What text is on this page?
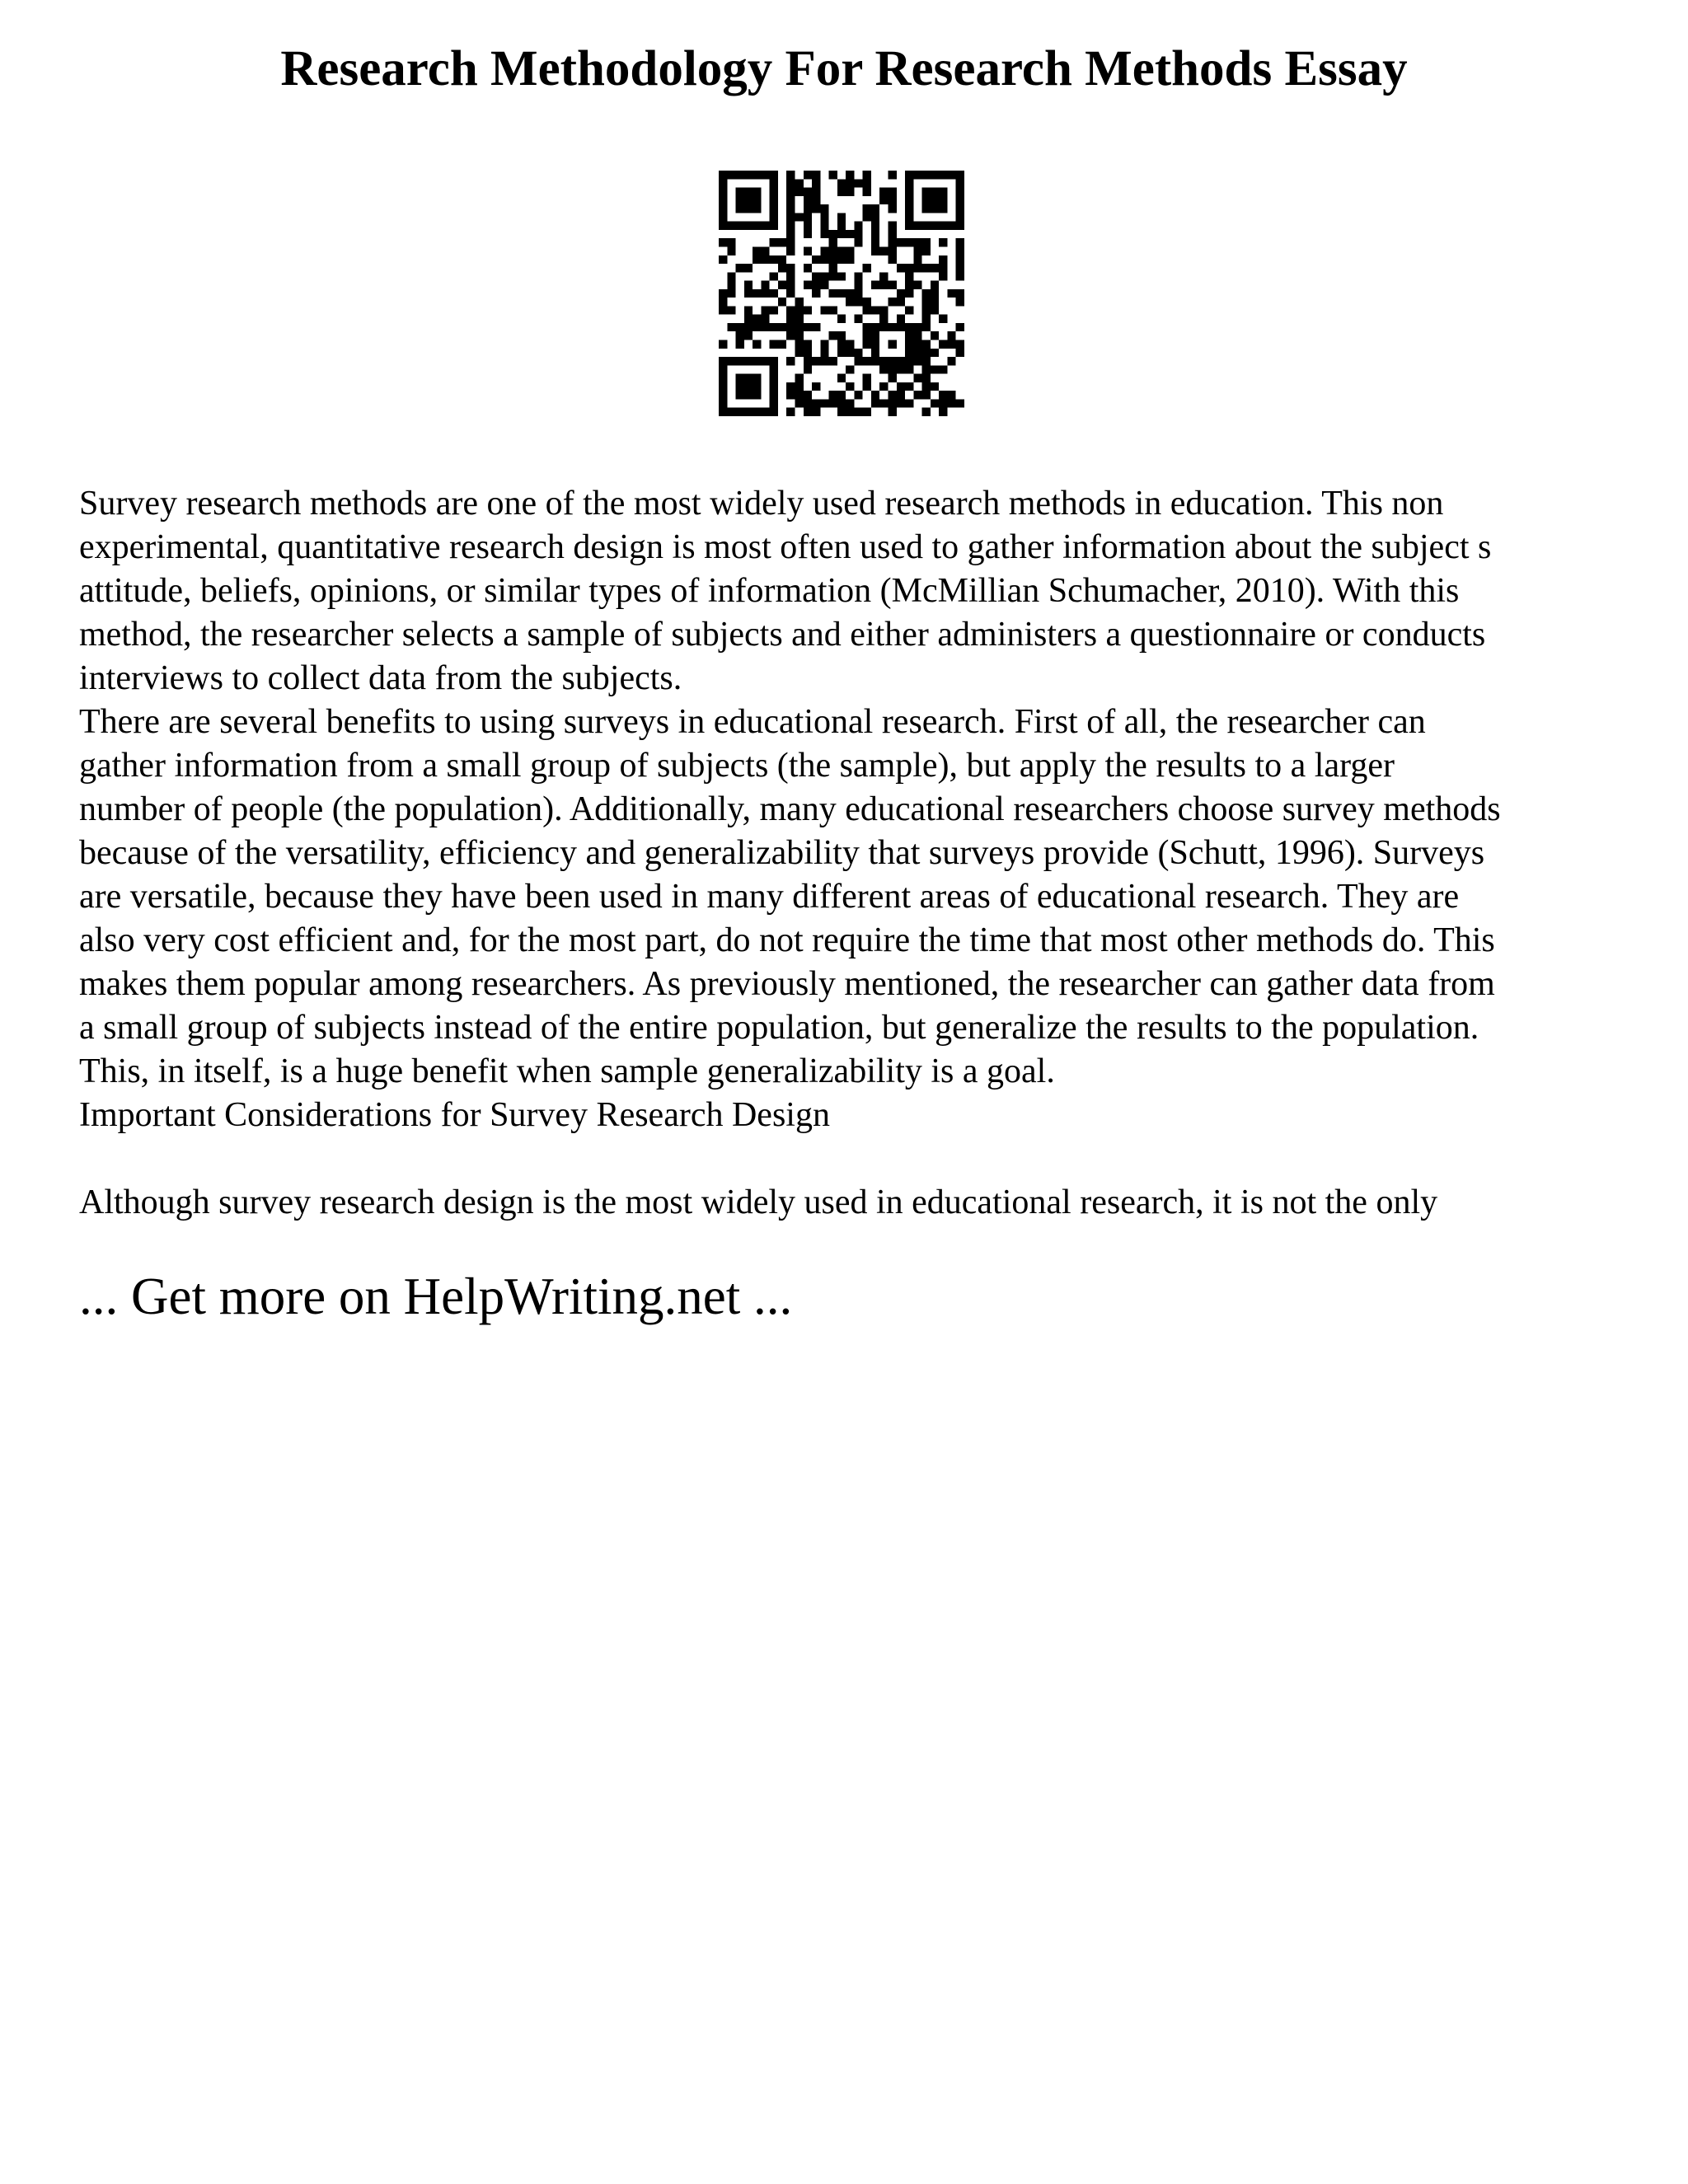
Research Methodology For Research Methods Essay
Survey research methods are one of the most widely used research methods in education. This non
experimental, quantitative research design is most often used to gather information about the subject s
attitude, beliefs, opinions, or similar types of information (McMillian Schumacher, 2010). With this
method, the researcher selects a sample of subjects and either administers a questionnaire or conducts
interviews to collect data from the subjects.
There are several benefits to using surveys in educational research. First of all, the researcher can
gather information from a small group of subjects (the sample), but apply the results to a larger
number of people (the population). Additionally, many educational researchers choose survey methods
because of the versatility, efficiency and generalizability that surveys provide (Schutt, 1996). Surveys
are versatile, because they have been used in many different areas of educational research. They are
also very cost efficient and, for the most part, do not require the time that most other methods do. This
makes them popular among researchers. As previously mentioned, the researcher can gather data from
a small group of subjects instead of the entire population, but generalize the results to the population.
This, in itself, is a huge benefit when sample generalizability is a goal.
Important Considerations for Survey Research Design
Although survey research design is the most widely used in educational research, it is not the only

... Get more on HelpWriting.net ...
